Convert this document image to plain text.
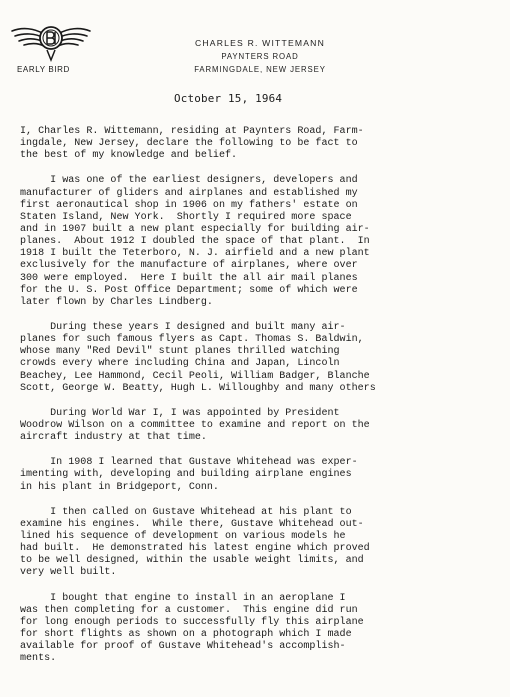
EARLY BIRD
CHARLES R. WITTEMANN
PAYNTERS ROAD
FARMINGDALE, NEW JERSEY
October 15, 1964
I, Charles R. Wittemann, residing at Paynters Road, Farm-
ingdale, New Jersey, declare the following to be fact to
the best of my knowledge and belief.
I was one of the earliest designers, developers and
manufacturer of gliders and airplanes and established my
first aeronautical shop in 1906 on my fathers' estate on
Staten Island, New York.  Shortly I required more space
and in 1907 built a new plant especially for building air-
planes.  About 1912 I doubled the space of that plant.  In
1918 I built the Teterboro, N. J. airfield and a new plant
exclusively for the manufacture of airplanes, where over
300 were employed.  Here I built the all air mail planes
for the U. S. Post Office Department; some of which were
later flown by Charles Lindberg.
During these years I designed and built many air-
planes for such famous flyers as Capt. Thomas S. Baldwin,
whose many "Red Devil" stunt planes thrilled watching
crowds every where including China and Japan, Lincoln
Beachey, Lee Hammond, Cecil Peoli, William Badger, Blanche
Scott, George W. Beatty, Hugh L. Willoughby and many others
During World War I, I was appointed by President
Woodrow Wilson on a committee to examine and report on the
aircraft industry at that time.
In 1908 I learned that Gustave Whitehead was exper-
imenting with, developing and building airplane engines
in his plant in Bridgeport, Conn.
I then called on Gustave Whitehead at his plant to
examine his engines.  While there, Gustave Whitehead out-
lined his sequence of development on various models he
had built.  He demonstrated his latest engine which proved
to be well designed, within the usable weight limits, and
very well built.
I bought that engine to install in an aeroplane I
was then completing for a customer.  This engine did run
for long enough periods to successfully fly this airplane
for short flights as shown on a photograph which I made
available for proof of Gustave Whitehead's accomplish-
ments.
